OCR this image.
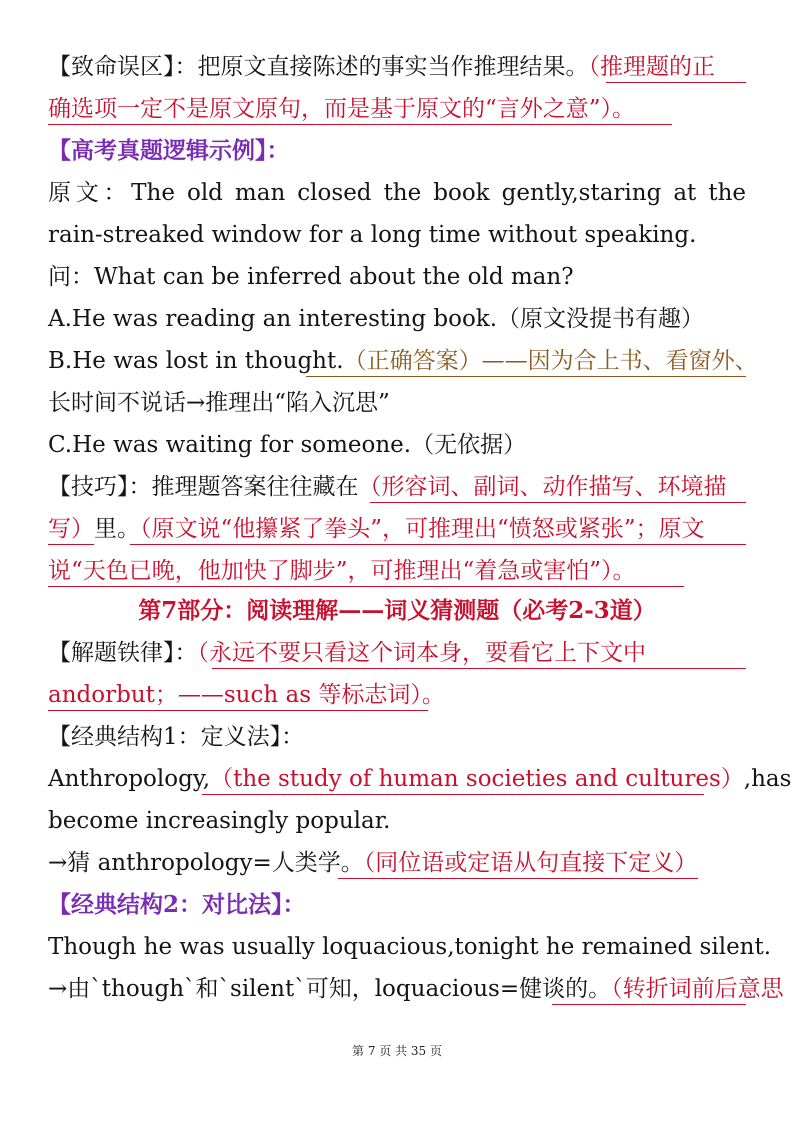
【致命误区】：把原文直接陈述的事实当作推理结果。（推理题的正
确选项一定不是原文原句，而是基于原文的“言外之意”）。
【高考真题逻辑示例】：
原文：The old man closed the book gently,staring at the
rain-streaked window for a long time without speaking.
问：What can be inferred about the old man?
A.He was reading an interesting book.（原文没提书有趣）
B.He was lost in thought.（正确答案）——因为合上书、看窗外、
长时间不说话→推理出“陷入沉思”
C.He was waiting for someone.（无依据）
【技巧】：推理题答案往往藏在（形容词、副词、动作描写、环境描
写）里。（原文说“他攥紧了拳头”，可推理出“愤怒或紧张”；原文
说“天色已晚，他加快了脚步”，可推理出“着急或害怕”）。
第7部分：阅读理解——词义猜测题（必考2-3道）
【解题铁律】：（永远不要只看这个词本身，要看它上下文中
andorbut；——such as 等标志词）。
【经典结构1：定义法】：
Anthropology,（the study of human societies and cultures）,has
become increasingly popular.
→猜 anthropology=人类学。（同位语或定语从句直接下定义）
【经典结构2：对比法】：
Though he was usually loquacious,tonight he remained silent.
→由`though`和`silent`可知，loquacious=健谈的。（转折词前后意思
第 7 页 共 35 页
